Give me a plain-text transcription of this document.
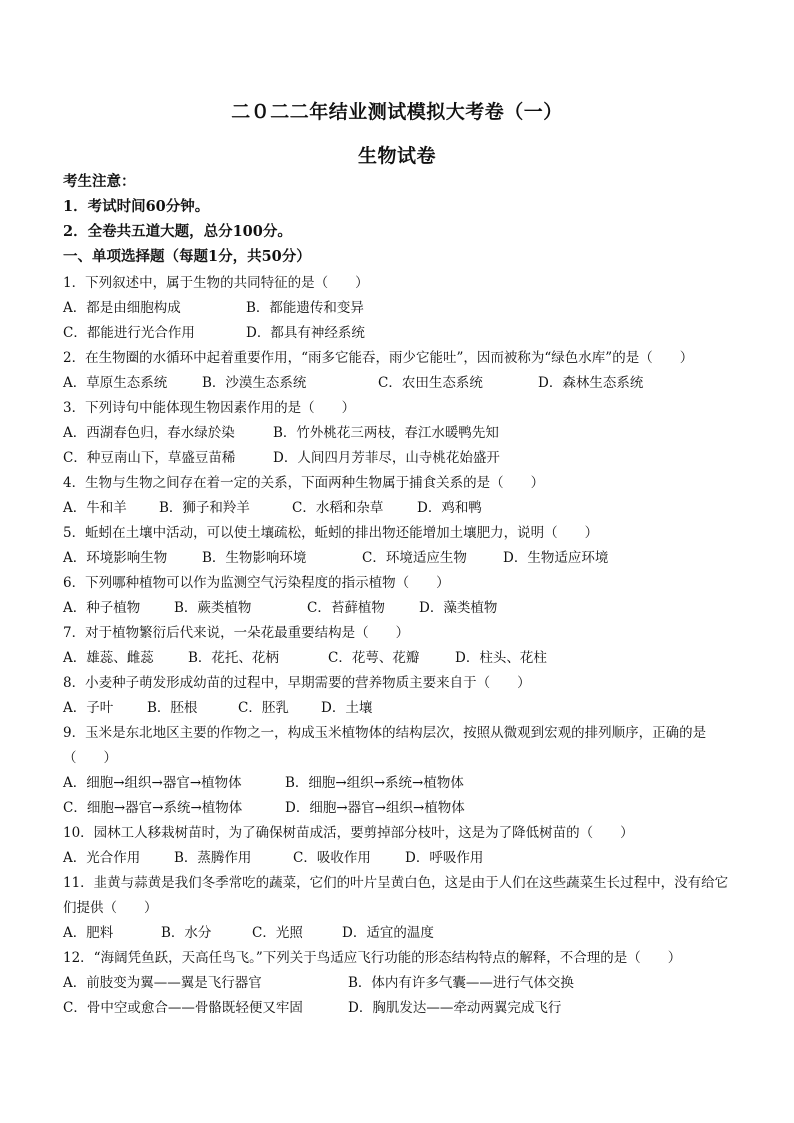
二０二二年结业测试模拟大考卷（一）
生物试卷
考生注意：
1．考试时间60分钟。
2．全卷共五道大题，总分100分。
一、单项选择题（每题1分，共50分）
1．下列叙述中，属于生物的共同特征的是（　　）
A．都是由细胞构成	B．都能遗传和变异
C．都能进行光合作用	D．都具有神经系统
2．在生物圈的水循环中起着重要作用，“雨多它能吞，雨少它能吐”，因而被称为“绿色水库”的是（　　）
A．草原生态系统	B．沙漠生态系统	C．农田生态系统	D．森林生态系统
3．下列诗句中能体现生物因素作用的是（　　）
A．西湖春色归，春水绿於染	B．竹外桃花三两枝，春江水暖鸭先知
C．种豆南山下，草盛豆苗稀	D．人间四月芳菲尽，山寺桃花始盛开
4．生物与生物之间存在着一定的关系，下面两种生物属于捕食关系的是（　　）
A．牛和羊 B．狮子和羚羊	C．水稻和杂草 D．鸡和鸭
5．蚯蚓在土壤中活动，可以使土壤疏松，蚯蚓的排出物还能增加土壤肥力，说明（　　）
A．环境影响生物	B．生物影响环境	C．环境适应生物	D．生物适应环境
6．下列哪种植物可以作为监测空气污染程度的指示植物（　　）
A．种子植物	B．蕨类植物	C．苔藓植物	D．藻类植物
7．对于植物繁衍后代来说，一朵花最重要结构是（　　）
A．雄蕊、雌蕊	B．花托、花柄	C．花萼、花瓣	D．柱头、花柱
8．小麦种子萌发形成幼苗的过程中，早期需要的营养物质主要来自于（　　）
A．子叶	B．胚根	C．胚乳 D．土壤
9．玉米是东北地区主要的作物之一，构成玉米植物体的结构层次，按照从微观到宏观的排列顺序，正确的是（　　）
A．细胞→组织→器官→植物体	B．细胞→组织→系统→植物体
C．细胞→器官→系统→植物体	D．细胞→器官→组织→植物体
10．园林工人移栽树苗时，为了确保树苗成活，要剪掉部分枝叶，这是为了降低树苗的（　　）
A．光合作用	B．蒸腾作用	C．吸收作用	D．呼吸作用
11．韭黄与蒜黄是我们冬季常吃的蔬菜，它们的叶片呈黄白色，这是由于人们在这些蔬菜生长过程中，没有给它们提供（　　）
A．肥料	B．水分	C．光照	D．适宜的温度
12．“海阔凭鱼跃，天高任鸟飞。”下列关于鸟适应飞行功能的形态结构特点的解释，不合理的是（　　）
A．前肢变为翼——翼是飞行器官	B．体内有许多气囊——进行气体交换
C．骨中空或愈合——骨骼既轻便又牢固	D．胸肌发达——牵动两翼完成飞行
